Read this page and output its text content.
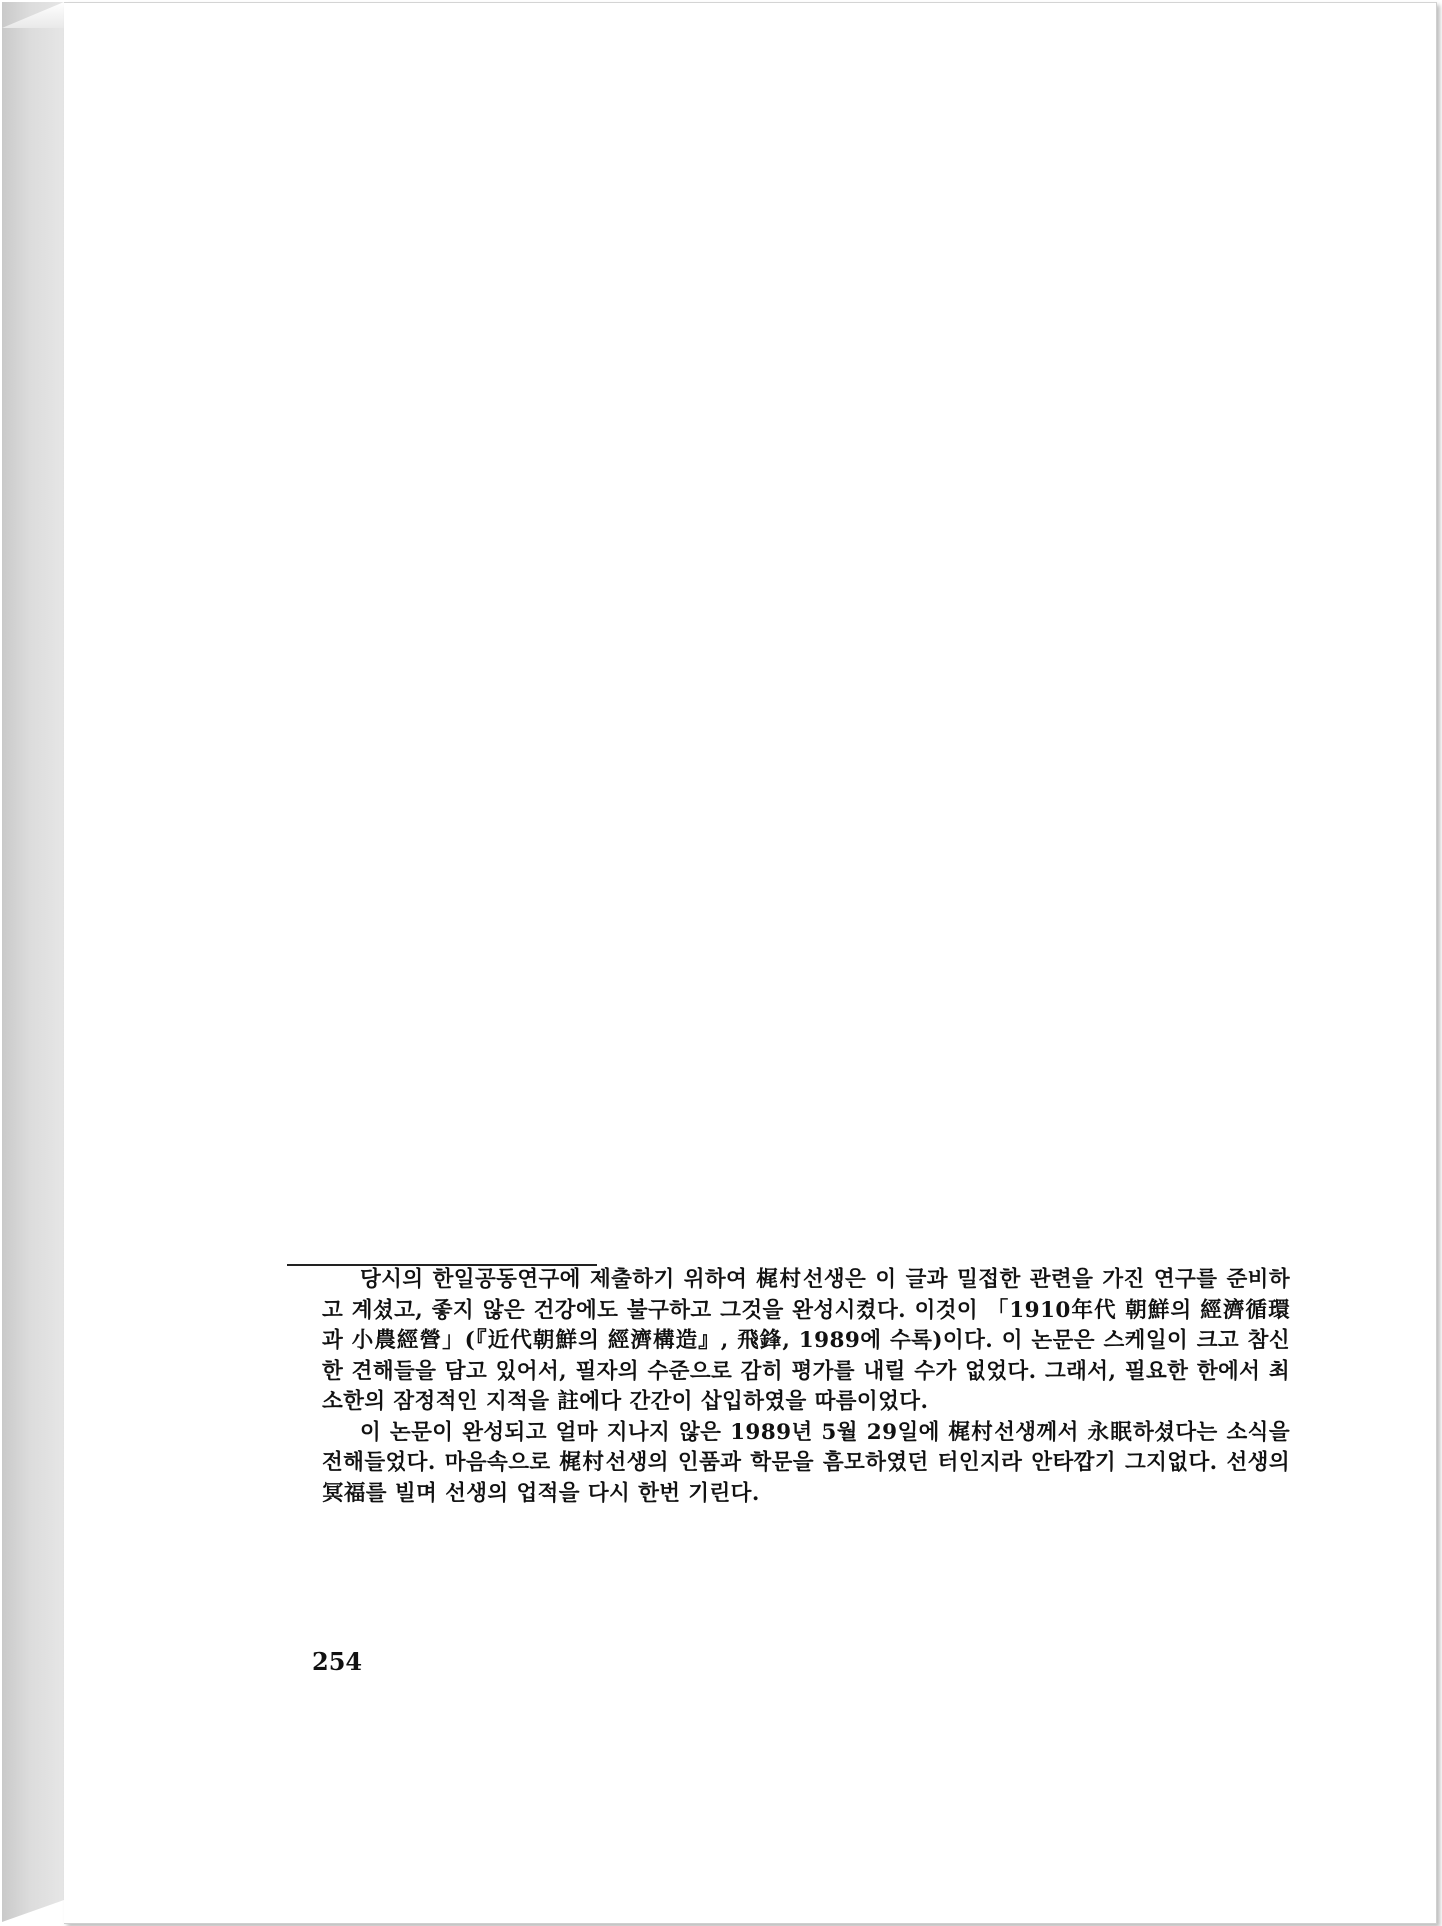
당시의 한일공동연구에 제출하기 위하여 梶村선생은 이 글과 밀접한 관련을 가진 연구를 준비하고 계셨고, 좋지 않은 건강에도 불구하고 그것을 완성시켰다. 이것이 「1910年代 朝鮮의 經濟循環과 小農經營」(『近代朝鮮의 經濟構造』, 飛鋒, 1989에 수록)이다. 이 논문은 스케일이 크고 참신한 견해들을 담고 있어서, 필자의 수준으로 감히 평가를 내릴 수가 없었다. 그래서, 필요한 한에서 최소한의 잠정적인 지적을 註에다 간간이 삽입하였을 따름이었다.

이 논문이 완성되고 얼마 지나지 않은 1989년 5월 29일에 梶村선생께서 永眠하셨다는 소식을 전해들었다. 마음속으로 梶村선생의 인품과 학문을 흠모하였던 터인지라 안타깝기 그지없다. 선생의 冥福를 빌며 선생의 업적을 다시 한번 기린다.

254
